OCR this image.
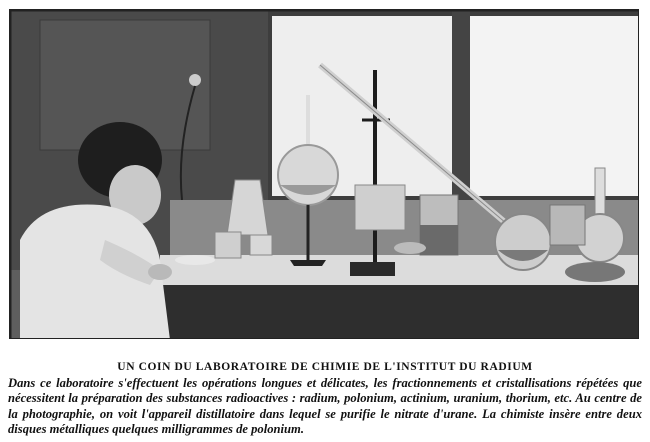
UN COIN DU LABORATOIRE DE CHIMIE DE L'INSTITUT DU RADIUM

Dans ce laboratoire s'effectuent les opérations longues et délicates, les fractionnements et cristallisations répétées que nécessitent la préparation des substances radioactives : radium, polonium, actinium, uranium, thorium, etc. Au centre de la photographie, on voit l'appareil distillatoire dans lequel se purifie le nitrate d'urane. La chimiste insère entre deux disques métalliques quelques milligrammes de polonium.
